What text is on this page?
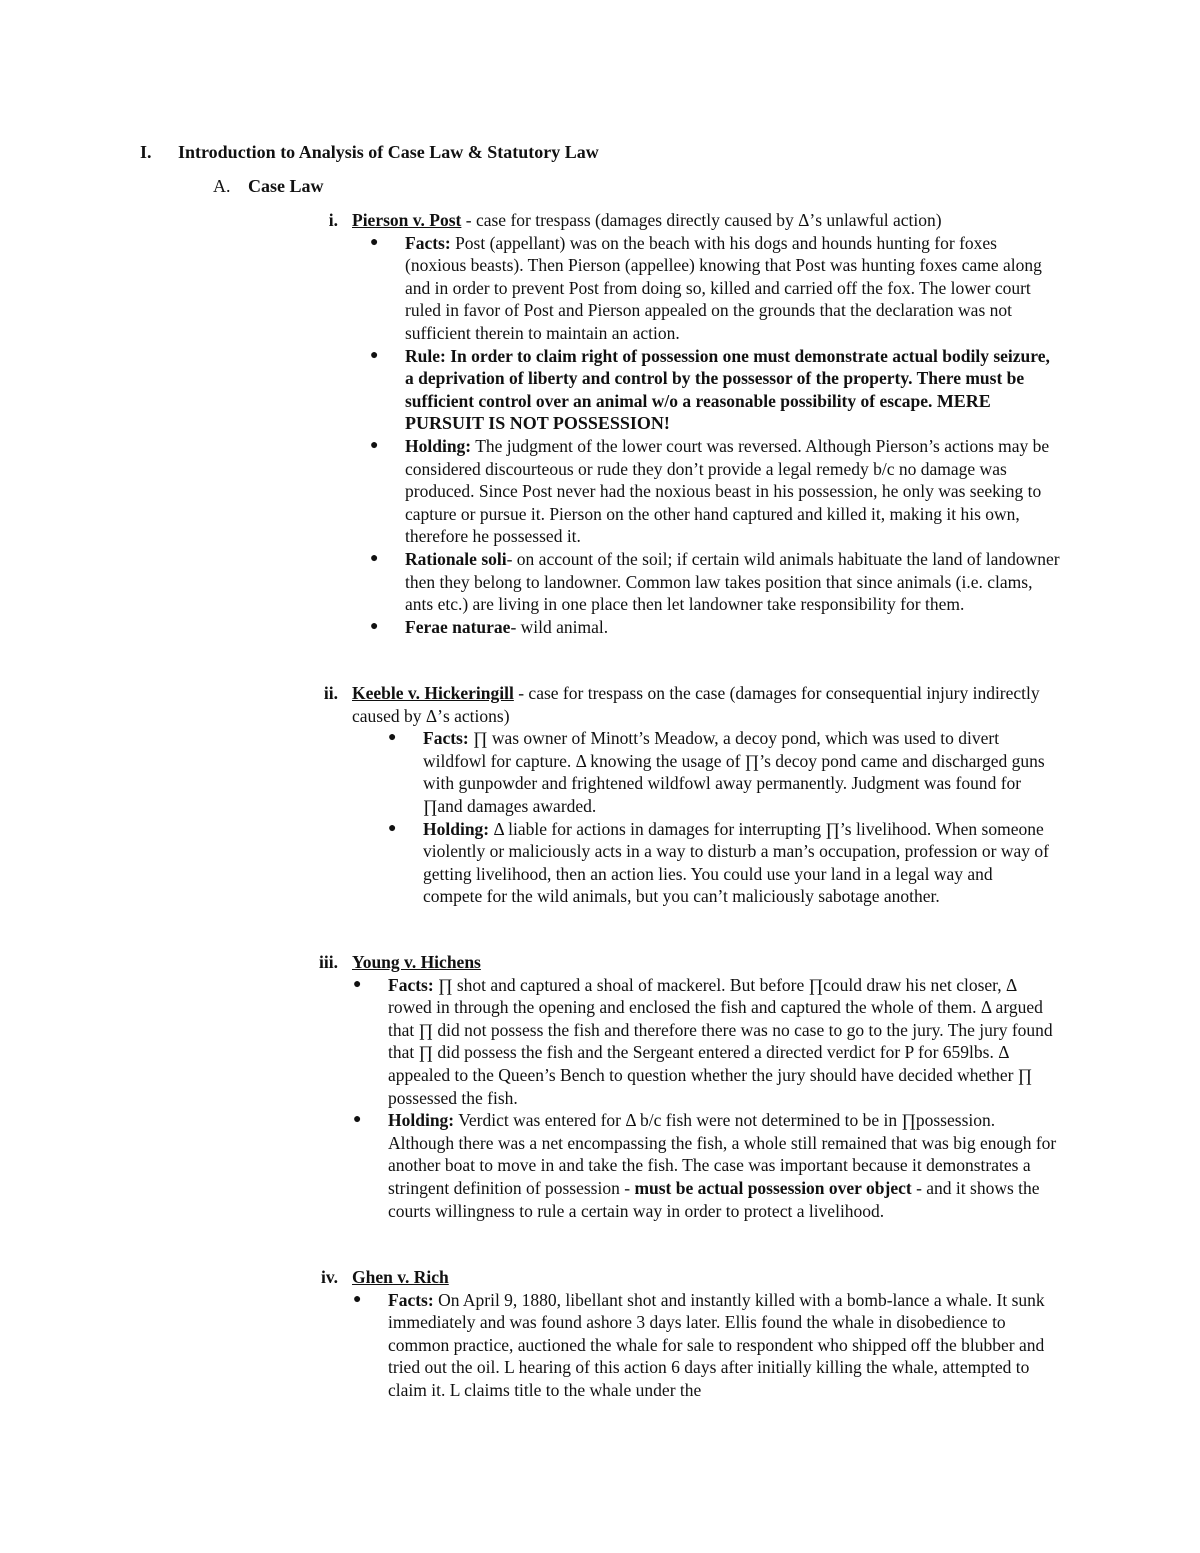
I. Introduction to Analysis of Case Law & Statutory Law
A. Case Law
i. Pierson v. Post - case for trespass (damages directly caused by Δ’s unlawful action)

● Facts: Post (appellant) was on the beach with his dogs and hounds hunting for foxes (noxious beasts). Then Pierson (appellee) knowing that Post was hunting foxes came along and in order to prevent Post from doing so, killed and carried off the fox. The lower court ruled in favor of Post and Pierson appealed on the grounds that the declaration was not sufficient therein to maintain an action.
● Rule: In order to claim right of possession one must demonstrate actual bodily seizure, a deprivation of liberty and control by the possessor of the property. There must be sufficient control over an animal w/o a reasonable possibility of escape. MERE PURSUIT IS NOT POSSESSION!
● Holding: The judgment of the lower court was reversed. Although Pierson’s actions may be considered discourteous or rude they don’t provide a legal remedy b/c no damage was produced. Since Post never had the noxious beast in his possession, he only was seeking to capture or pursue it. Pierson on the other hand captured and killed it, making it his own, therefore he possessed it.
● Rationale soli- on account of the soil; if certain wild animals habituate the land of landowner then they belong to landowner. Common law takes position that since animals (i.e. clams, ants etc.) are living in one place then let landowner take responsibility for them.
● Ferae naturae- wild animal.
ii. Keeble v. Hickeringill - case for trespass on the case (damages for consequential injury indirectly caused by Δ’s actions)

● Facts: ∏ was owner of Minott’s Meadow, a decoy pond, which was used to divert wildfowl for capture. Δ knowing the usage of ∏’s decoy pond came and discharged guns with gunpowder and frightened wildfowl away permanently. Judgment was found for ∏and damages awarded.
● Holding: Δ liable for actions in damages for interrupting ∏’s livelihood. When someone violently or maliciously acts in a way to disturb a man’s occupation, profession or way of getting livelihood, then an action lies. You could use your land in a legal way and compete for the wild animals, but you can’t maliciously sabotage another.
iii. Young v. Hichens

● Facts: ∏ shot and captured a shoal of mackerel. But before ∏could draw his net closer, Δ rowed in through the opening and enclosed the fish and captured the whole of them. Δ argued that ∏ did not possess the fish and therefore there was no case to go to the jury. The jury found that ∏ did possess the fish and the Sergeant entered a directed verdict for P for 659lbs. Δ appealed to the Queen’s Bench to question whether the jury should have decided whether ∏ possessed the fish.
● Holding: Verdict was entered for Δ b/c fish were not determined to be in ∏possession. Although there was a net encompassing the fish, a whole still remained that was big enough for another boat to move in and take the fish. The case was important because it demonstrates a stringent definition of possession - must be actual possession over object - and it shows the courts willingness to rule a certain way in order to protect a livelihood.
iv. Ghen v. Rich

● Facts: On April 9, 1880, libellant shot and instantly killed with a bomb-lance a whale. It sunk immediately and was found ashore 3 days later. Ellis found the whale in disobedience to common practice, auctioned the whale for sale to respondent who shipped off the blubber and tried out the oil. L hearing of this action 6 days after initially killing the whale, attempted to claim it. L claims title to the whale under the
